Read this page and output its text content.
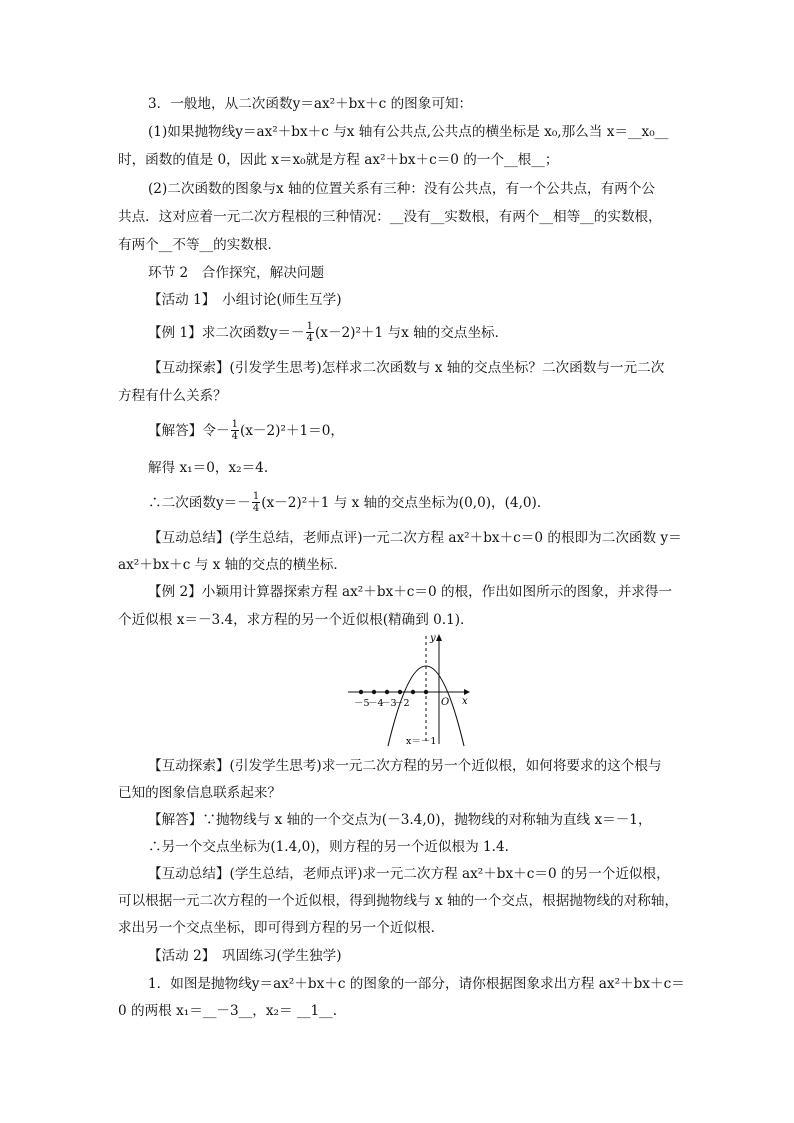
3．一般地，从二次函数y＝ax²＋bx＋c 的图象可知：
(1)如果抛物线y＝ax²＋bx＋c 与x 轴有公共点,公共点的横坐标是 x₀,那么当 x＝__x₀__
时，函数的值是 0，因此 x＝x₀就是方程 ax²＋bx＋c＝0 的一个__根__；
(2)二次函数的图象与x 轴的位置关系有三种：没有公共点，有一个公共点，有两个公
共点．这对应着一元二次方程根的三种情况：__没有__实数根，有两个__相等__的实数根，
有两个__不等__的实数根．
环节 2　合作探究，解决问题
【活动 1】　小组讨论(师生互学)
【例 1】求二次函数$y=- \frac{1}{4} (x-2)^2+1$ 与x 轴的交点坐标．
【互动探索】(引发学生思考)怎样求二次函数与 x 轴的交点坐标？二次函数与一元二次
方程有什么关系？
【解答】令－ $\frac{1}{4} (x-2)^2+1=0$，
解得 x₁＝0，x₂＝4.
∴二次函数$y=- \frac{1}{4} (x-2)^2+1$ 与 x 轴的交点坐标为(0,0)，(4,0).
【互动总结】(学生总结，老师点评)一元二次方程 ax²＋bx＋c＝0 的根即为二次函数 y＝
ax²＋bx＋c 与 x 轴的交点的横坐标．
【例 2】小颖用计算器探索方程 ax²＋bx＋c＝0 的根，作出如图所示的图象，并求得一
个近似根 x＝－3.4，求方程的另一个近似根(精确到 0.1)．
y
x
O
－5
－4
－3
－2
x＝－1
【互动探索】(引发学生思考)求一元二次方程的另一个近似根，如何将要求的这个根与
已知的图象信息联系起来？
【解答】∵抛物线与 x 轴的一个交点为(－3.4,0)，抛物线的对称轴为直线 x＝－1，
∴另一个交点坐标为(1.4,0)，则方程的另一个近似根为 1.4.
【互动总结】(学生总结，老师点评)求一元二次方程 ax²＋bx＋c＝0 的另一个近似根，
可以根据一元二次方程的一个近似根，得到抛物线与 x 轴的一个交点，根据抛物线的对称轴，
求出另一个交点坐标，即可得到方程的另一个近似根．
【活动 2】　巩固练习(学生独学)
1．如图是抛物线y＝ax²＋bx＋c 的图象的一部分，请你根据图象求出方程 ax²＋bx＋c＝
0 的两根 x₁＝__－3__，x₂＝ __1__.
